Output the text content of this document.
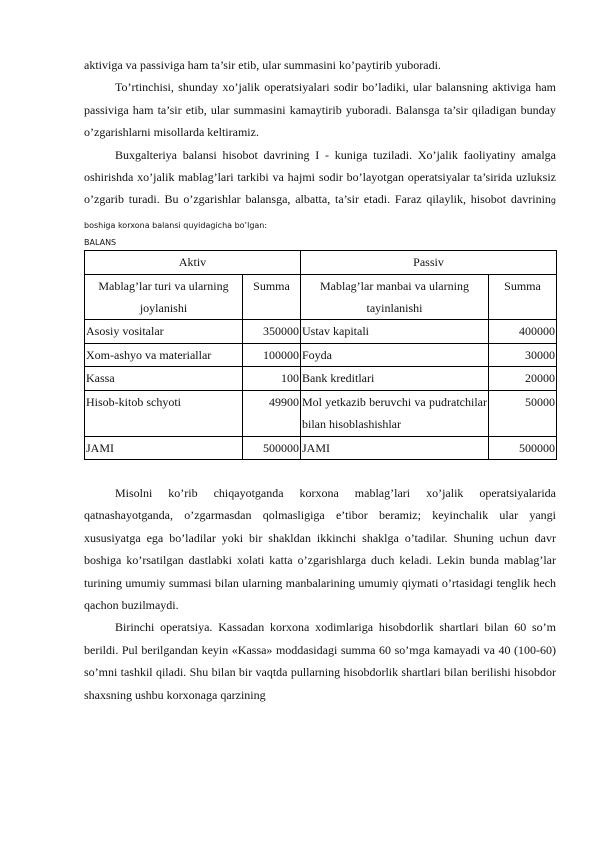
aktiviga va passiviga ham ta’sir etib, ular summasini ko’paytirib yuboradi.

To’rtinchisi, shunday xo’jalik operatsiyalari sodir bo’ladiki, ular balansning aktiviga ham passiviga ham ta’sir etib, ular summasini kamaytirib yuboradi. Balansga ta’sir qiladigan bunday o’zgarishlarni misollarda keltiramiz.

Buxgalteriya balansi hisobot davrining I - kuniga tuziladi. Xo’jalik faoliyatiny amalga oshirishda xo’jalik mablag’lari tarkibi va hajmi sodir bo’layotgan operatsiyalar ta’sirida uzluksiz o’zgarib turadi. Bu o’zgarishlar balansga, albatta, ta’sir etadi. Faraz qilaylik, hisobot davrining boshiga korxona balansi quyidagicha bo’lgan:

BALANS

Aktiv		Passiv	
Mablag’lar turi va ularning joylanishi	Summa	Mablag’lar manbai va ularning tayinlanishi	Summa
Asosiy vositalar	350000	Ustav kapitali	400000
Xom-ashyo va materiallar	100000	Foyda	30000
Kassa	100	Bank kreditlari	20000
Hisob-kitob schyoti	49900	Mol yetkazib beruvchi va pudratchilar bilan hisoblashishlar	50000
JAMI	500000	JAMI	500000

Misolni ko’rib chiqayotganda korxona mablag’lari xo’jalik operatsiyalarida qatnashayotganda, o’zgarmasdan qolmasligiga e’tibor beramiz; keyinchalik ular yangi xususiyatga ega bo’ladilar yoki bir shakldan ikkinchi shaklga o’tadilar. Shuning uchun davr boshiga ko’rsatilgan dastlabki xolati katta o’zgarishlarga duch keladi. Lekin bunda mablag’lar turining umumiy summasi bilan ularning manbalarining umumiy qiymati o’rtasidagi tenglik hech qachon buzilmaydi.

Birinchi operatsiya. Kassadan korxona xodimlariga hisobdorlik shartlari bilan 60 so’m berildi. Pul berilgandan keyin «Kassa» moddasidagi summa 60 so’mga kamayadi va 40 (100-60) so’mni tashkil qiladi. Shu bilan bir vaqtda pullarning hisobdorlik shartlari bilan berilishi hisobdor shaxsning ushbu korxonaga qarzining
